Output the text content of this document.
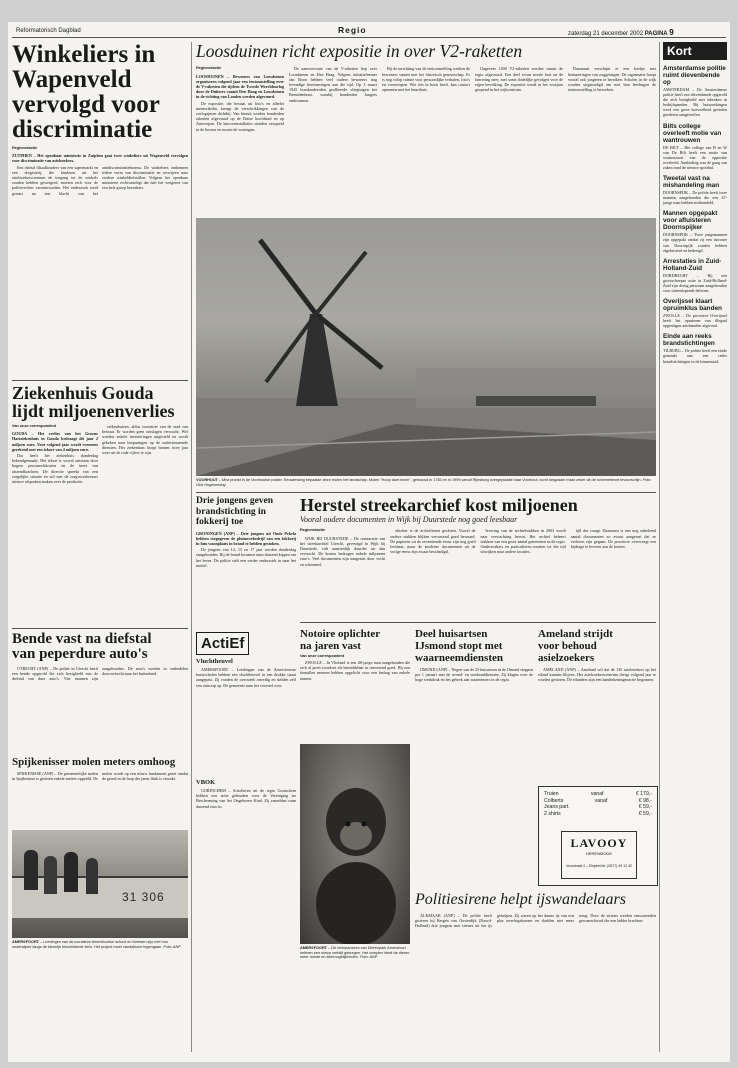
Reformatorisch Dagblad	Regio	zaterdag 21 december 2002 PAGINA 9
Winkeliers in
Wapenveld
vervolgd voor
discriminatie
Regioredactie

ZUTPHEN – Het openbaar ministerie in Zutphen gaat twee winkeliers uit Wapenveld vervolgen voor discriminatie van asielzoekers.

Een drietal filiaalhouders van een supermarkt en een drogisterij, die kinderen uit het asielzoekerscentrum de toegang tot de winkels zouden hebben geweigerd, moeten zich voor de politierechter verantwoorden. Het onderzoek werd gestart na een klacht van het antidiscriminatiebureau. De winkeliers ontkennen iedere vorm van discriminatie en verwijzen naar eerdere winkeldiefstallen. Volgens het openbaar ministerie rechtvaardigt dat niet het weigeren van een hele groep bezoekers.

Ziekenhuis Gouda
lijdt miljoenenverlies
Van onze correspondent

GOUDA – Het verlies van het Groene Hartziekenhuis in Gouda bedraagt dit jaar 2 miljoen euro. Voor volgend jaar wordt eveneens gerekend met een tekort van 4 miljoen euro.

Dat heeft het ziekenhuis donderdag bekendgemaakt. Het tekort is vooral ontstaan door hogere personeelskosten en de inzet van uitzendkrachten. De directie spreekt van een zorgelijke situatie en wil met de zorgverzekeraars nieuwe afspraken maken over de productie.

ziekenhuizen, aldus voorzitter van de raad van bestuur. Er worden geen ontslagen verwacht. Wel worden enkele investeringen uitgesteld en wordt gekeken naar besparingen op de ondersteunende diensten. Het ziekenhuis hoopt binnen twee jaar weer uit de rode cijfers te zijn.

Bende vast na diefstal
van peperdure auto's

UTRECHT (ANP) – De politie in Utrecht heeft een bende opgerold die zich bezighield met de diefstal van dure auto's. Vier mannen zijn aangehouden. De auto's werden in onderdelen doorverkocht naar het buitenland.

Spijkenisser molen meters omhoog

SPIJKENISSE (ANP) – De gemeentelijke molen in Spijkenisse is gisteren enkele meters opgetild. De molen wordt op een nieuw fundament gezet omdat de grond in de loop der jaren flink is verzakt.

31 306
AMERSFOORT – Leerlingen van de lucratieve Amersfoortse school en Keetsen zijn met hun onderwijzer langs de kleurrijk beschilderde trein. Het project moet vandalisme tegengaan. Foto: ANP
Loosduinen richt expositie in over V2-raketten
Regioredactie

LOOSDUINEN – Bewoners van Loosduinen organiseren volgend jaar een tentoonstelling over de V-raketten die tijdens de Tweede Wereldoorlog door de Duitsers vanuit Den Haag en Loosduinen in de richting van Londen werden afgevuurd.

De expositie, die bestaat uit foto's en allerlei memorabilia, brengt de verschrikkingen van de oorlogsjaren dichtbij. Van hieruit werden honderden raketten afgevuurd op de Britse hoofdstad en op Antwerpen. De lanceerinstallaties stonden verspreid in de bossen en tussen de woningen.

De aanvoerroute van de V-raketten liep over Loosduinen en Den Haag. Volgens initiatiefnemer Jan Boon hebben veel oudere bewoners nog levendige herinneringen aan die tijd. Op 3 maart 1945 bombardeerden geallieerde vliegtuigen het Bezuidenhout, waarbij honderden burgers omkwamen.

Bij de inrichting van de tentoonstelling werken de bewoners samen met het historisch genootschap. Er is nog volop ruimte voor persoonlijke verhalen, foto's en voorwerpen. Wie iets in bezit heeft, kan contact opnemen met het buurthuis.

Ongeveer 1400 V2-raketten werden vanuit de regio afgevuurd. Een deel ervan stortte kort na de lancering neer, met soms dodelijke gevolgen voor de eigen bevolking. De expositie wordt in het voorjaar geopend in het wijkcentrum.

Daarnaast verschijnt er een boekje met herinneringen van ooggetuigen. De organisatie hoopt vooral ook jongeren te bereiken. Scholen in de wijk worden uitgenodigd om met hun leerlingen de tentoonstelling te bezoeken.

VOORHOUT – Mist pronkt in de Voorhoutse polder. Eeuwenlang bepaalde deze molen het landschap. Molen "Hoop doet leven", gebouwd in 1783 en in 1999 vanuit Rijnsburg overgeplaatst naar Voorhout, komt langzaam maar zeker uit de schemerlevel tevoorschijn. Foto: Dick Hogewoning
Drie jongens geven brandstichting in fokkerij toe

GRONINGEN (ANP) – Drie jongens uit Oude Pekela hebben toegegeven de pluimveebedrijf van een fokkerij in hun woonplaats in brand te hebben gestoken.

De jongens van 14, 15 en 17 jaar werden donderdag aangehouden. Bij de brand kwamen ruim duizend kippen om het leven. De politie stelt een verder onderzoek in naar het motief.

Herstel streekarchief kost miljoenen
Vooral oudere documenten in Wijk bij Duurstede nog goed leesbaar
Regioredactie

WIJK BIJ DUURSTEDE – De restauratie van het streekarchief Utrecht, gevestigd in Wijk bij Duurstede, valt aanzienlijk duurder uit dan verwacht. De kosten bedragen enkele miljoenen euro's. Veel documenten zijn aangetast door vocht en schimmel.

oktober is de archieftoren gesloten. Vooral de oudere stukken blijken verrassend goed bewaard. De papieren uit de zeventiende eeuw zijn nog goed leesbaar, maar de moderne documenten uit de vorige eeuw zijn zwaar beschadigd.

levering van de archiefstukken in 2003 wordt naar verwachting hervat. Het archief beheert stukken van een groot aantal gemeenten in de regio. Onderzoekers en particulieren moeten tot die tijd uitwijken naar andere locaties.

tijd dat vraagt. Daarnaast is een nog onbekend aantal documenten zo zwaar aangetast dat ze verloren zijn gegaan. De provincie overweegt een bijdrage te leveren aan de kosten.

ActiEf
Vluchtheuvel

AMERSFOORT – Leerlingen van de Amersfoortse basisscholen hebben een vluchtheuvel in een drukke straat aangepast. Zij vonden de oversteek onveilig en stelden zelf een ontwerp op. De gemeente nam het voorstel over.

VBOK

GORINCHEM – Scholieren uit de regio Gorinchem hebben een actie gehouden voor de Vereniging ter Bescherming van het Ongeboren Kind. Zij zamelden ruim duizend euro in.

Notoire oplichter
na jaren vast
Van onze correspondent

ZWOLLE – In Vlieland is een 48-jarige man aangehouden die zich al jaren voordoet als bemiddelaar in onroerend goed. Hij zou tientallen mensen hebben opgelicht voor een bedrag van enkele tonnen.

AMERSFOORT – De chimpansees van Dierenpark Amersfoort hebben een nieuw verblijf gekregen. Het complex biedt de dieren meer ruimte en klimmogelijkheden. Foto: ANP
Deel huisartsen
IJsmond stopt met
waarneemdiensten

IJMOND (ANP) – Negen van de 23 huisartsen in de IJmond stoppen per 1 januari met de avond- en weekenddiensten. Zij klagen over de hoge werkdruk en het gebrek aan waarnemers in de regio.

Ameland strijdt
voor behoud
asielzoekers

AMELAND (ANP) – Ameland wil dat de 130 asielzoekers op het eiland kunnen blijven. Het asielzoekerscentrum dreigt volgend jaar te worden gesloten. De eilanders zijn een handtekeningenactie begonnen.

Truien	vanaf	€ 179,-
Colberts	vanaf	€ 98,-
Jeans part.	€ 59,-
2 shirts	€ 59,-
LAVOOY
HERENMODE
Voorstraat 4 – Elspeet tel. (0577) 49 12 42
Politiesirene helpt ijswandelaars

ALKMAAR (ANP) – De politie heeft gisteren bij Bergen van Oosterdijk (Noord-Holland) drie jongens met sirenes uit het ijs geholpen. Zij waren op het dunne ijs van een plas terechtgekomen en durfden niet meer terug. Door de sirenes werden omwonenden gewaarschuwd die een ladder brachten.

Kort
Amsterdamse politie ruimt dievenbende op

AMSTERDAM – De Amsterdamse politie heeft een dievenbende opgerold die zich bezighield met inbraken in bedrijfspanden. Bij huiszoekingen werd een grote hoeveelheid gestolen goederen aangetroffen.

Bilts college overleeft motie van wantrouwen

DE BILT – Het college van B en W van De Bilt heeft een motie van wantrouwen van de oppositie overleefd. Aanleiding was de gang van zaken rond de nieuwe sporthal.

Tweetal vast na mishandeling man

DOORNSPIJK – De politie heeft twee mannen aangehouden die een 47-jarige man hebben mishandeld.

Mannen opgepakt voor afluisteren Doornspijker

DOORNSPIJK – Twee jongemannen zijn opgepakt omdat zij een inwoner van Doornspijk zouden hebben afgeluisterd en bedreigd.

Arrestaties in Zuid-Holland-Zuid

DORDRECHT – Bij een grootscheepse actie in Zuid-Holland-Zuid zijn dertig personen aangehouden voor uiteenlopende delicten.

Overijssel klaart opruimklus banden

ZWOLLE – De provincie Overijssel heeft het opruimen van illegaal opgeslagen autobanden afgerond.

Einde aan reeks brandstichtingen

TILBURG – De politie heeft een einde gemaakt aan een reeks brandstichtingen in de binnenstad.
